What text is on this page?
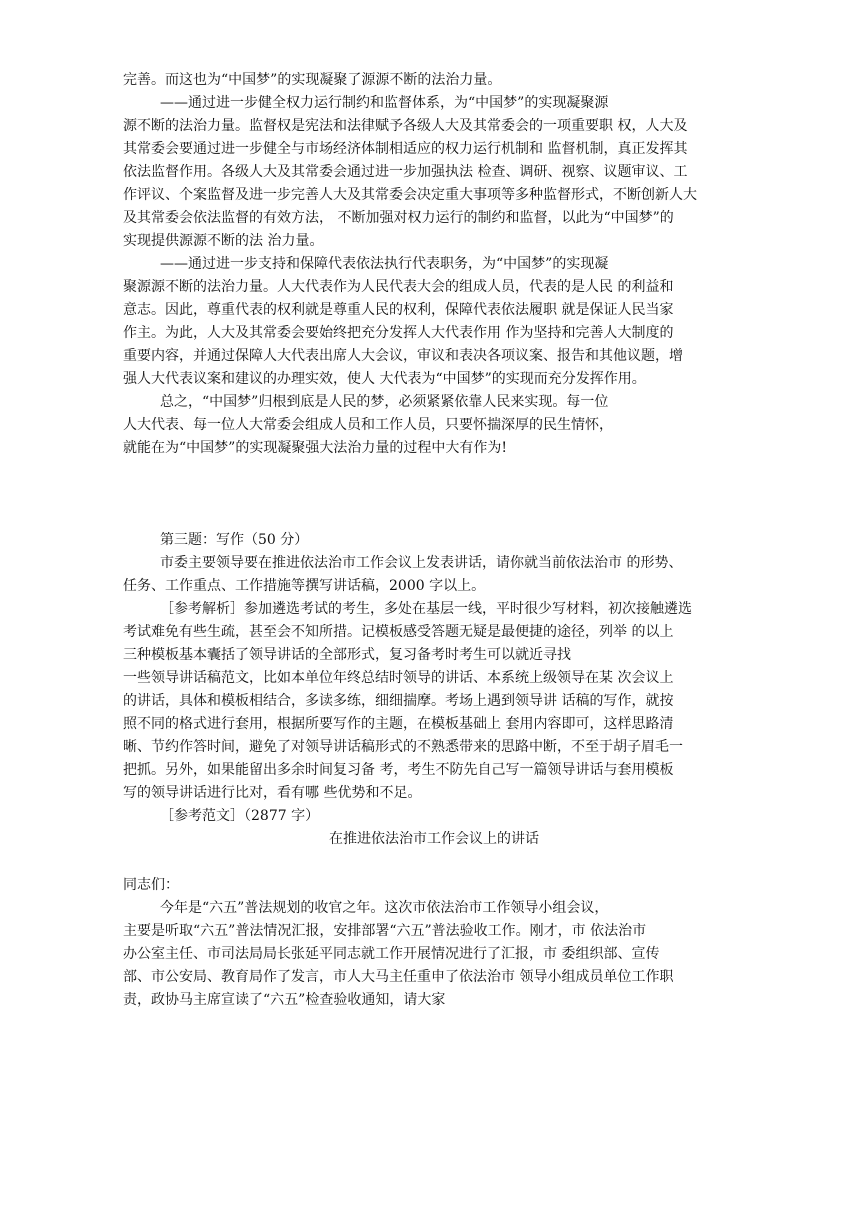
完善。而这也为“中国梦”的实现凝聚了源源不断的法治力量。
——通过进一步健全权力运行制约和监督体系，为“中国梦”的实现凝聚源
源不断的法治力量。监督权是宪法和法律赋予各级人大及其常委会的一项重要职 权，人大及
其常委会要通过进一步健全与市场经济体制相适应的权力运行机制和 监督机制，真正发挥其
依法监督作用。各级人大及其常委会通过进一步加强执法 检查、调研、视察、议题审议、工
作评议、个案监督及进一步完善人大及其常委会决定重大事项等多种监督形式，不断创新人大
及其常委会依法监督的有效方法， 不断加强对权力运行的制约和监督，以此为“中国梦”的
实现提供源源不断的法 治力量。
——通过进一步支持和保障代表依法执行代表职务，为“中国梦”的实现凝
聚源源不断的法治力量。人大代表作为人民代表大会的组成人员，代表的是人民 的利益和
意志。因此，尊重代表的权利就是尊重人民的权利，保障代表依法履职 就是保证人民当家
作主。为此，人大及其常委会要始终把充分发挥人大代表作用 作为坚持和完善人大制度的
重要内容，并通过保障人大代表出席人大会议，审议和表决各项议案、报告和其他议题，增
强人大代表议案和建议的办理实效，使人 大代表为“中国梦”的实现而充分发挥作用。
总之，“中国梦”归根到底是人民的梦，必须紧紧依靠人民来实现。每一位
人大代表、每一位人大常委会组成人员和工作人员，只要怀揣深厚的民生情怀，
就能在为“中国梦”的实现凝聚强大法治力量的过程中大有作为!
第三题：写作（50 分）
市委主要领导要在推进依法治市工作会议上发表讲话，请你就当前依法治市 的形势、
任务、工作重点、工作措施等撰写讲话稿，2000 字以上。
［参考解析］参加遴选考试的考生，多处在基层一线，平时很少写材料，初次接触遴选
考试难免有些生疏，甚至会不知所措。记模板感受答题无疑是最便捷的途径，列举 的以上
三种模板基本囊括了领导讲话的全部形式，复习备考时考生可以就近寻找
一些领导讲话稿范文，比如本单位年终总结时领导的讲话、本系统上级领导在某 次会议上
的讲话，具体和模板相结合，多读多练，细细揣摩。考场上遇到领导讲 话稿的写作，就按
照不同的格式进行套用，根据所要写作的主题，在模板基础上 套用内容即可，这样思路清
晰、节约作答时间，避免了对领导讲话稿形式的不熟悉带来的思路中断，不至于胡子眉毛一
把抓。另外，如果能留出多余时间复习备 考，考生不防先自己写一篇领导讲话与套用模板
写的领导讲话进行比对，看有哪 些优势和不足。
［参考范文］（2877 字）
在推进依法治市工作会议上的讲话
同志们：
今年是“六五”普法规划的收官之年。这次市依法治市工作领导小组会议，
主要是听取“六五”普法情况汇报，安排部署“六五”普法验收工作。刚才，市 依法治市
办公室主任、市司法局局长张延平同志就工作开展情况进行了汇报，市 委组织部、宣传
部、市公安局、教育局作了发言，市人大马主任重申了依法治市 领导小组成员单位工作职
责，政协马主席宣读了“六五”检查验收通知，请大家
